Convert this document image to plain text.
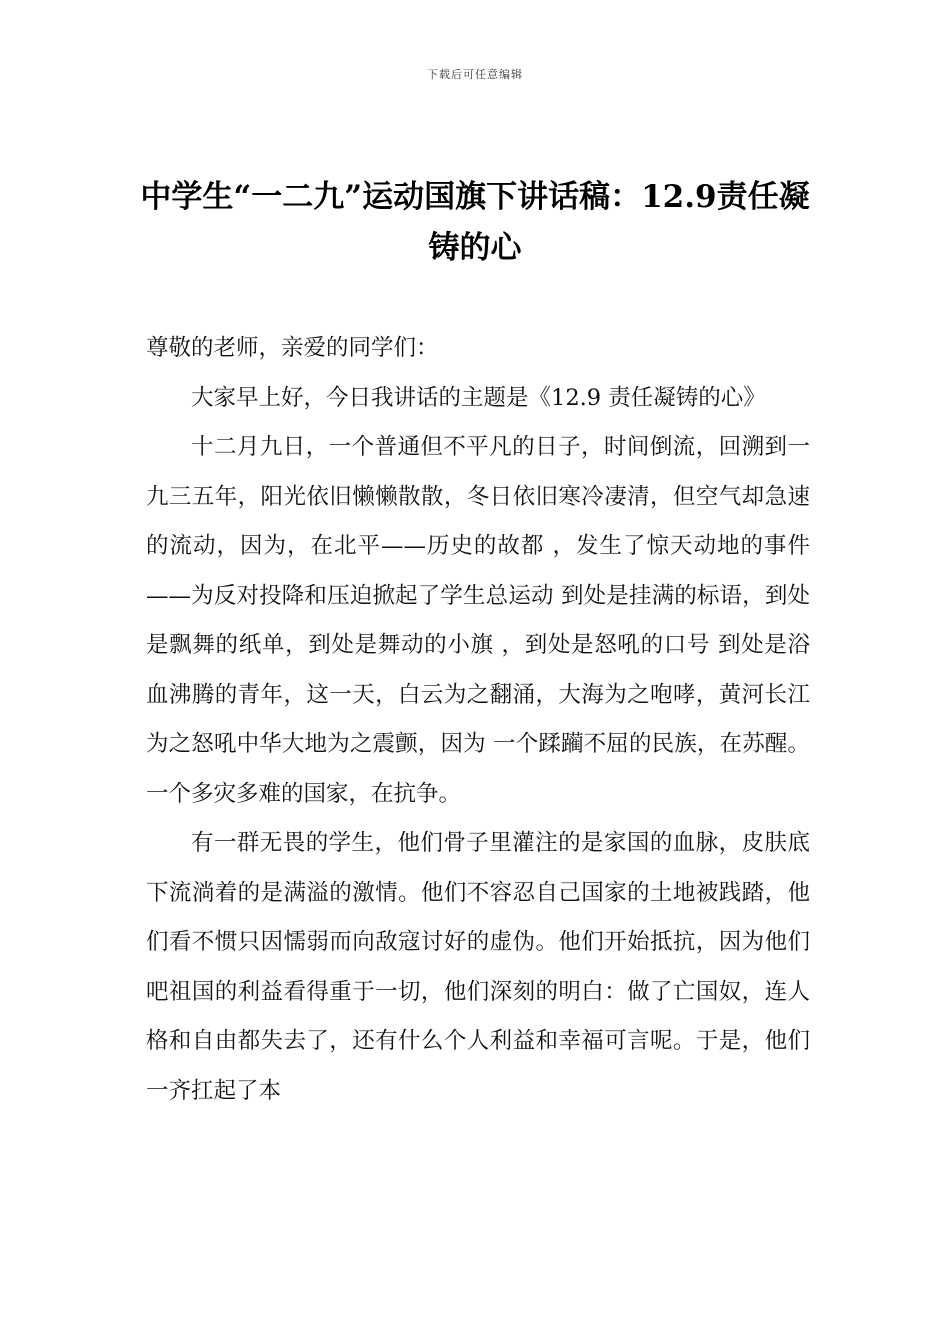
下载后可任意编辑
中学生“一二九”运动国旗下讲话稿：12.9责任凝铸的心

尊敬的老师，亲爱的同学们：

大家早上好，今日我讲话的主题是《12.9 责任凝铸的心》

十二月九日，一个普通但不平凡的日子，时间倒流，回溯到一九三五年，阳光依旧懒懒散散，冬日依旧寒冷凄清，但空气却急速的流动，因为，在北平——历史的故都 ，发生了惊天动地的事件——为反对投降和压迫掀起了学生总运动 到处是挂满的标语，到处是飘舞的纸单，到处是舞动的小旗 ，到处是怒吼的口号 到处是浴血沸腾的青年，这一天，白云为之翻涌，大海为之咆哮，黄河长江为之怒吼中华大地为之震颤，因为 一个蹂躏不屈的民族，在苏醒。一个多灾多难的国家，在抗争。

有一群无畏的学生，他们骨子里灌注的是家国的血脉，皮肤底下流淌着的是满溢的激情。他们不容忍自己国家的土地被践踏，他们看不惯只因懦弱而向敌寇讨好的虚伪。他们开始抵抗，因为他们吧祖国的利益看得重于一切，他们深刻的明白：做了亡国奴，连人格和自由都失去了，还有什么个人利益和幸福可言呢。于是，他们一齐扛起了本
